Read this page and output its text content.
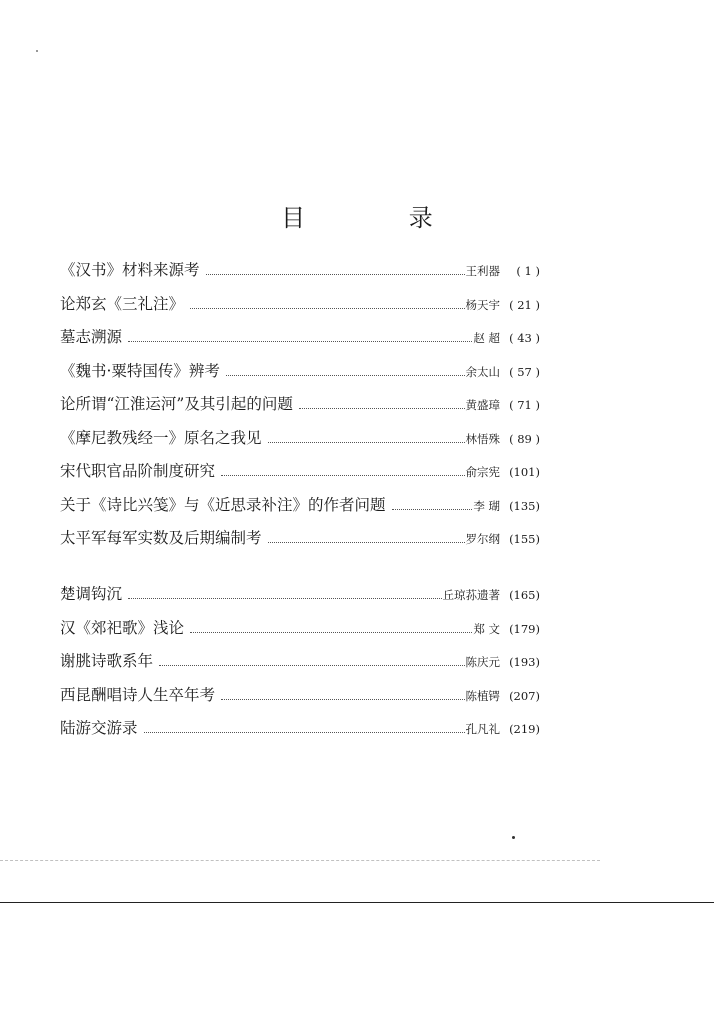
目 录
《汉书》材料来源考	王利器	( 1 )
论郑玄《三礼注》	杨天宇 ( 21 )
墓志溯源	赵 超 ( 43 )
《魏书·粟特国传》辨考	余太山 ( 57 )
论所谓“江淮运河”及其引起的问题	黄盛璋 ( 71 )
《摩尼教残经一》原名之我见	林悟殊 ( 89 )
宋代职官品阶制度研究	俞宗宪 (101)
关于《诗比兴笺》与《近思录补注》的作者问题	李 瑚 (135)
太平军每军实数及后期编制考	罗尔纲 (155)
楚调钩沉	丘琼荪遗著 (165)
汉《郊祀歌》浅论	郑 文 (179)
谢朓诗歌系年	陈庆元 (193)
西昆酬唱诗人生卒年考	陈植锷 (207)
陆游交游录	孔凡礼 (219)
